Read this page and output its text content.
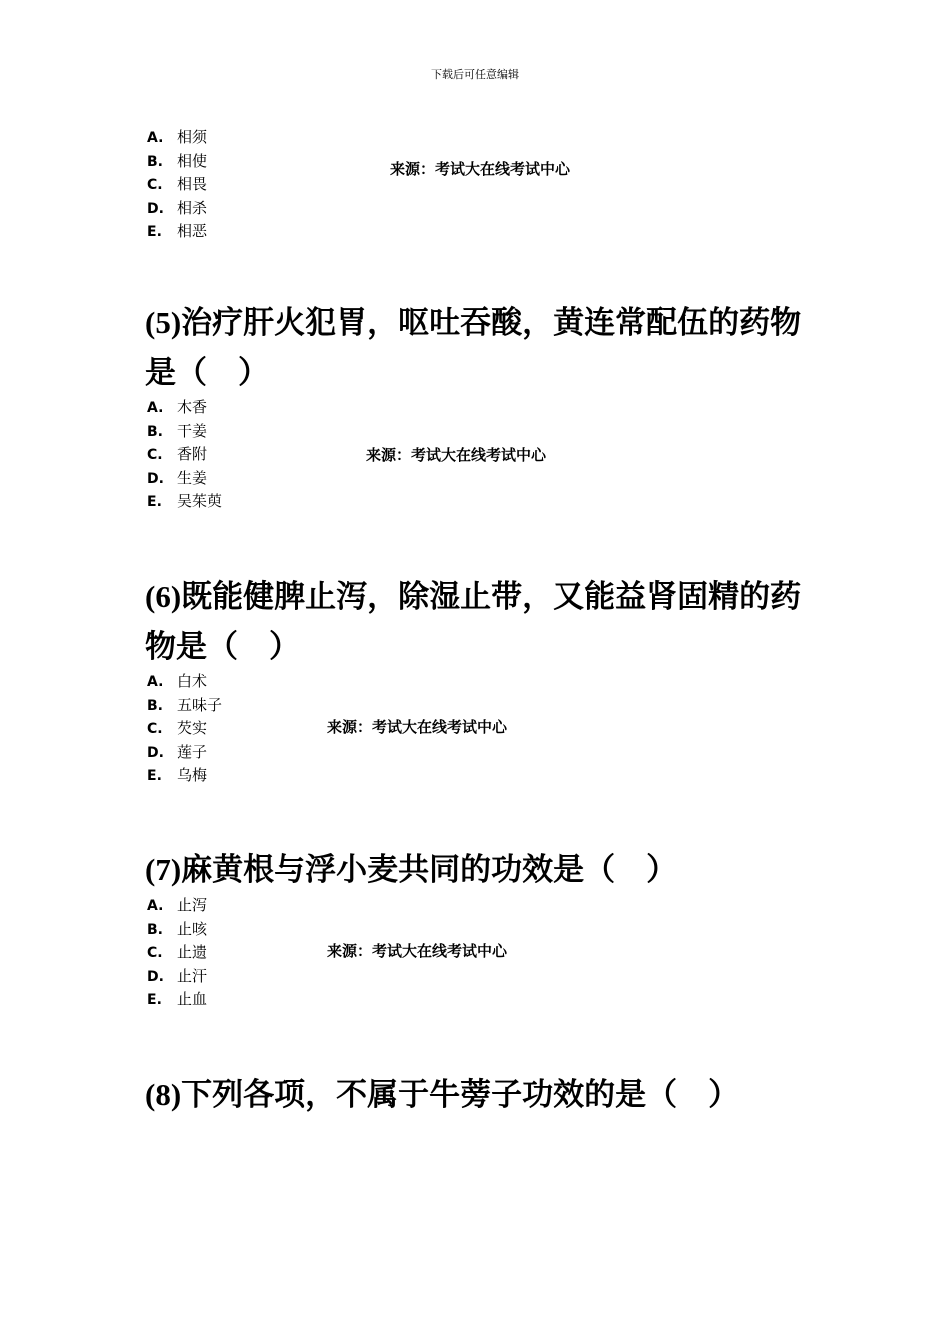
下载后可任意编辑
A. 相须
B. 相使
C. 相畏
D. 相杀
E. 相恶
来源：考试大在线考试中心
(5)治疗肝火犯胃，呕吐吞酸，黄连常配伍的药物是（　）
A. 木香
B. 干姜
C. 香附
D. 生姜
E. 吴茱萸
来源：考试大在线考试中心
(6)既能健脾止泻，除湿止带，又能益肾固精的药物是（　）
A. 白术
B. 五味子
C. 芡实
D. 莲子
E. 乌梅
来源：考试大在线考试中心
(7)麻黄根与浮小麦共同的功效是（　）
A. 止泻
B. 止咳
C. 止遗
D. 止汗
E. 止血
来源：考试大在线考试中心
(8)下列各项，不属于牛蒡子功效的是（　）
